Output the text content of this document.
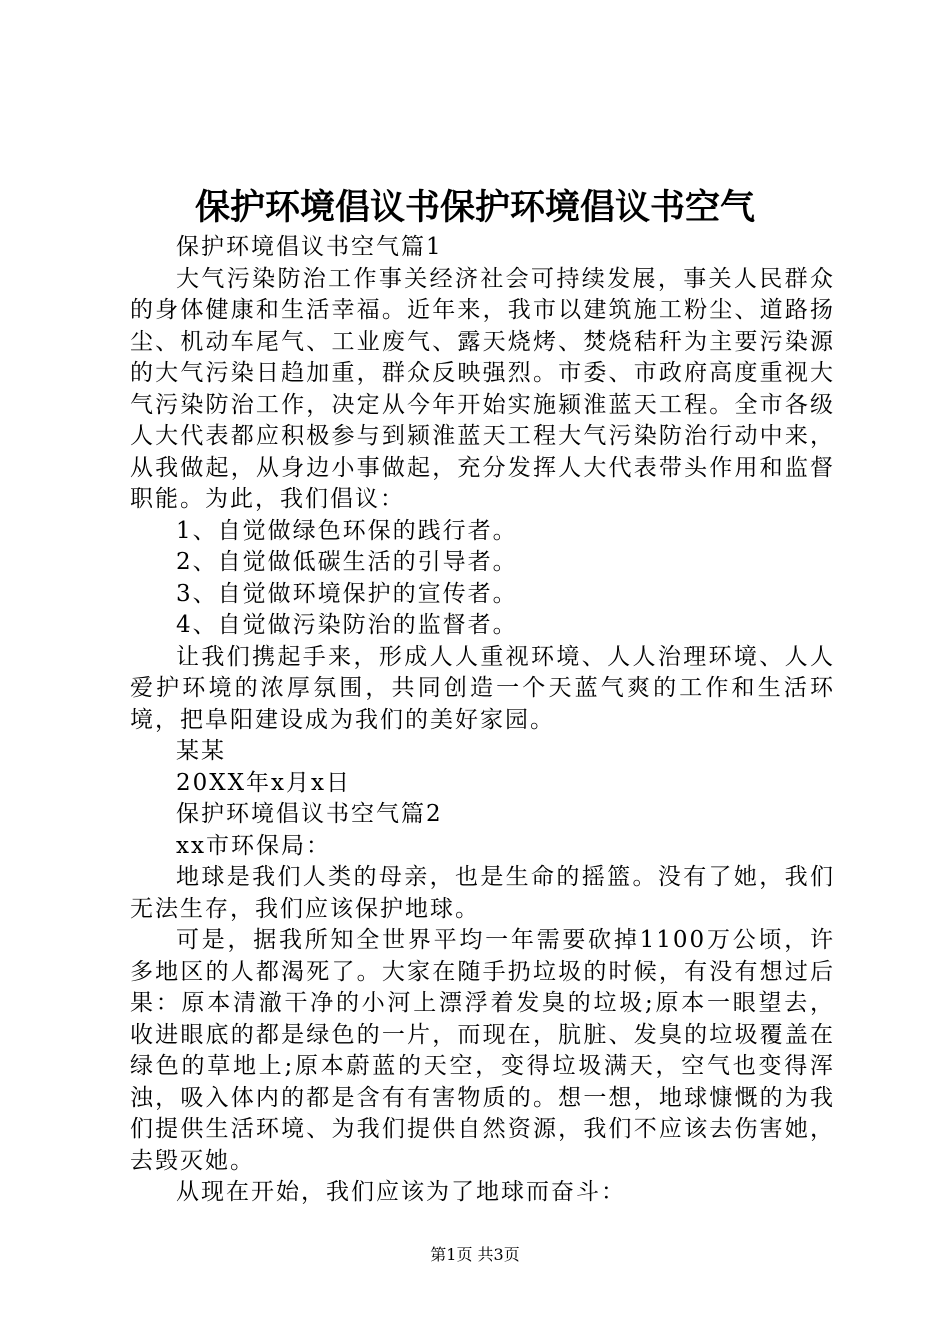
保护环境倡议书保护环境倡议书空气

保护环境倡议书空气篇1

大气污染防治工作事关经济社会可持续发展，事关人民群众的身体健康和生活幸福。近年来，我市以建筑施工粉尘、道路扬尘、机动车尾气、工业废气、露天烧烤、焚烧秸秆为主要污染源的大气污染日趋加重，群众反映强烈。市委、市政府高度重视大气污染防治工作，决定从今年开始实施颍淮蓝天工程。全市各级人大代表都应积极参与到颍淮蓝天工程大气污染防治行动中来，从我做起，从身边小事做起，充分发挥人大代表带头作用和监督职能。为此，我们倡议：

1、自觉做绿色环保的践行者。

2、自觉做低碳生活的引导者。

3、自觉做环境保护的宣传者。

4、自觉做污染防治的监督者。

让我们携起手来，形成人人重视环境、人人治理环境、人人爱护环境的浓厚氛围，共同创造一个天蓝气爽的工作和生活环境，把阜阳建设成为我们的美好家园。

某某

20XX年x月x日

保护环境倡议书空气篇2

xx市环保局：

地球是我们人类的母亲，也是生命的摇篮。没有了她，我们无法生存，我们应该保护地球。

可是，据我所知全世界平均一年需要砍掉1100万公顷，许多地区的人都渴死了。大家在随手扔垃圾的时候，有没有想过后果：原本清澈干净的小河上漂浮着发臭的垃圾;原本一眼望去，收进眼底的都是绿色的一片，而现在，肮脏、发臭的垃圾覆盖在绿色的草地上;原本蔚蓝的天空，变得垃圾满天，空气也变得浑浊，吸入体内的都是含有有害物质的。想一想，地球慷慨的为我们提供生活环境、为我们提供自然资源，我们不应该去伤害她，去毁灭她。

从现在开始，我们应该为了地球而奋斗：

第1页 共3页
